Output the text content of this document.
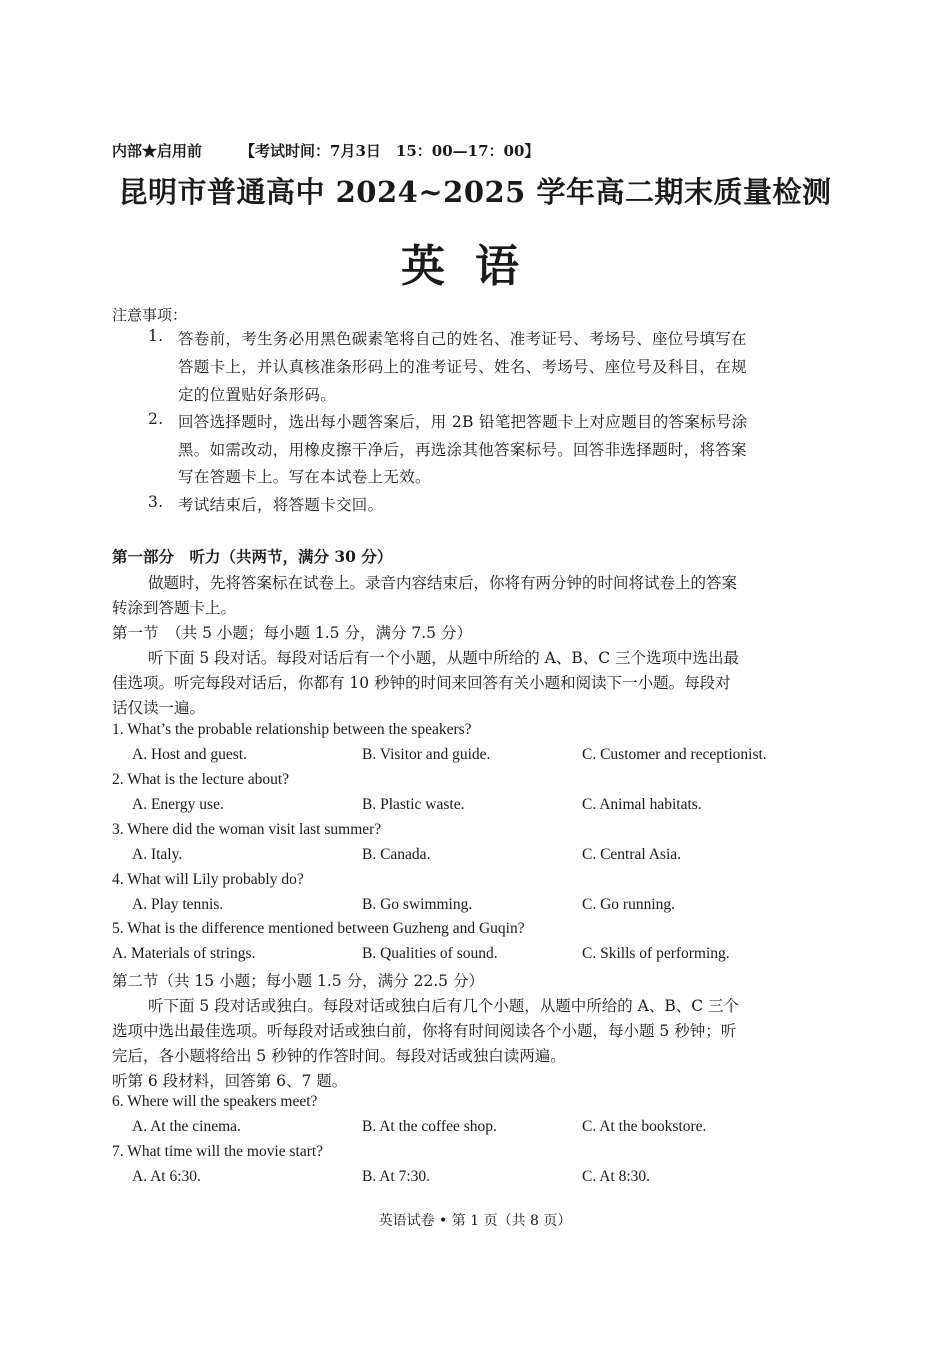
内部★启用前	【考试时间：7月3日　15：00—17：00】
昆明市普通高中 2024~2025 学年高二期末质量检测
英语
注意事项：
1. 答卷前，考生务必用黑色碳素笔将自己的姓名、准考证号、考场号、座位号填写在
答题卡上，并认真核准条形码上的准考证号、姓名、考场号、座位号及科目，在规
定的位置贴好条形码。
2. 回答选择题时，选出每小题答案后，用 2B 铅笔把答题卡上对应题目的答案标号涂
黑。如需改动，用橡皮擦干净后，再选涂其他答案标号。回答非选择题时，将答案
写在答题卡上。写在本试卷上无效。
3. 考试结束后，将答题卡交回。
第一部分　听力（共两节，满分 30 分）
做题时，先将答案标在试卷上。录音内容结束后，你将有两分钟的时间将试卷上的答案
转涂到答题卡上。
第一节　（共 5 小题；每小题 1.5 分，满分 7.5 分）
听下面 5 段对话。每段对话后有一个小题，从题中所给的 A、B、C 三个选项中选出最
佳选项。听完每段对话后，你都有 10 秒钟的时间来回答有关小题和阅读下一小题。每段对
话仅读一遍。
1. What’s the probable relationship between the speakers?
A. Host and guest.	B. Visitor and guide.	C. Customer and receptionist.
2. What is the lecture about?
A. Energy use.	B. Plastic waste.	C. Animal habitats.
3. Where did the woman visit last summer?
A. Italy.	B. Canada.	C. Central Asia.
4. What will Lily probably do?
A. Play tennis.	B. Go swimming.	C. Go running.
5. What is the difference mentioned between Guzheng and Guqin?
A. Materials of strings.	B. Qualities of sound.	C. Skills of performing.
第二节（共 15 小题；每小题 1.5 分，满分 22.5 分）
听下面 5 段对话或独白。每段对话或独白后有几个小题，从题中所给的 A、B、C 三个
选项中选出最佳选项。听每段对话或独白前，你将有时间阅读各个小题，每小题 5 秒钟；听
完后，各小题将给出 5 秒钟的作答时间。每段对话或独白读两遍。
听第 6 段材料，回答第 6、7 题。
6. Where will the speakers meet?
A. At the cinema.	B. At the coffee shop.	C. At the bookstore.
7. What time will the movie start?
A. At 6:30.	B. At 7:30.	C. At 8:30.
英语试卷 • 第 1 页（共 8 页）
